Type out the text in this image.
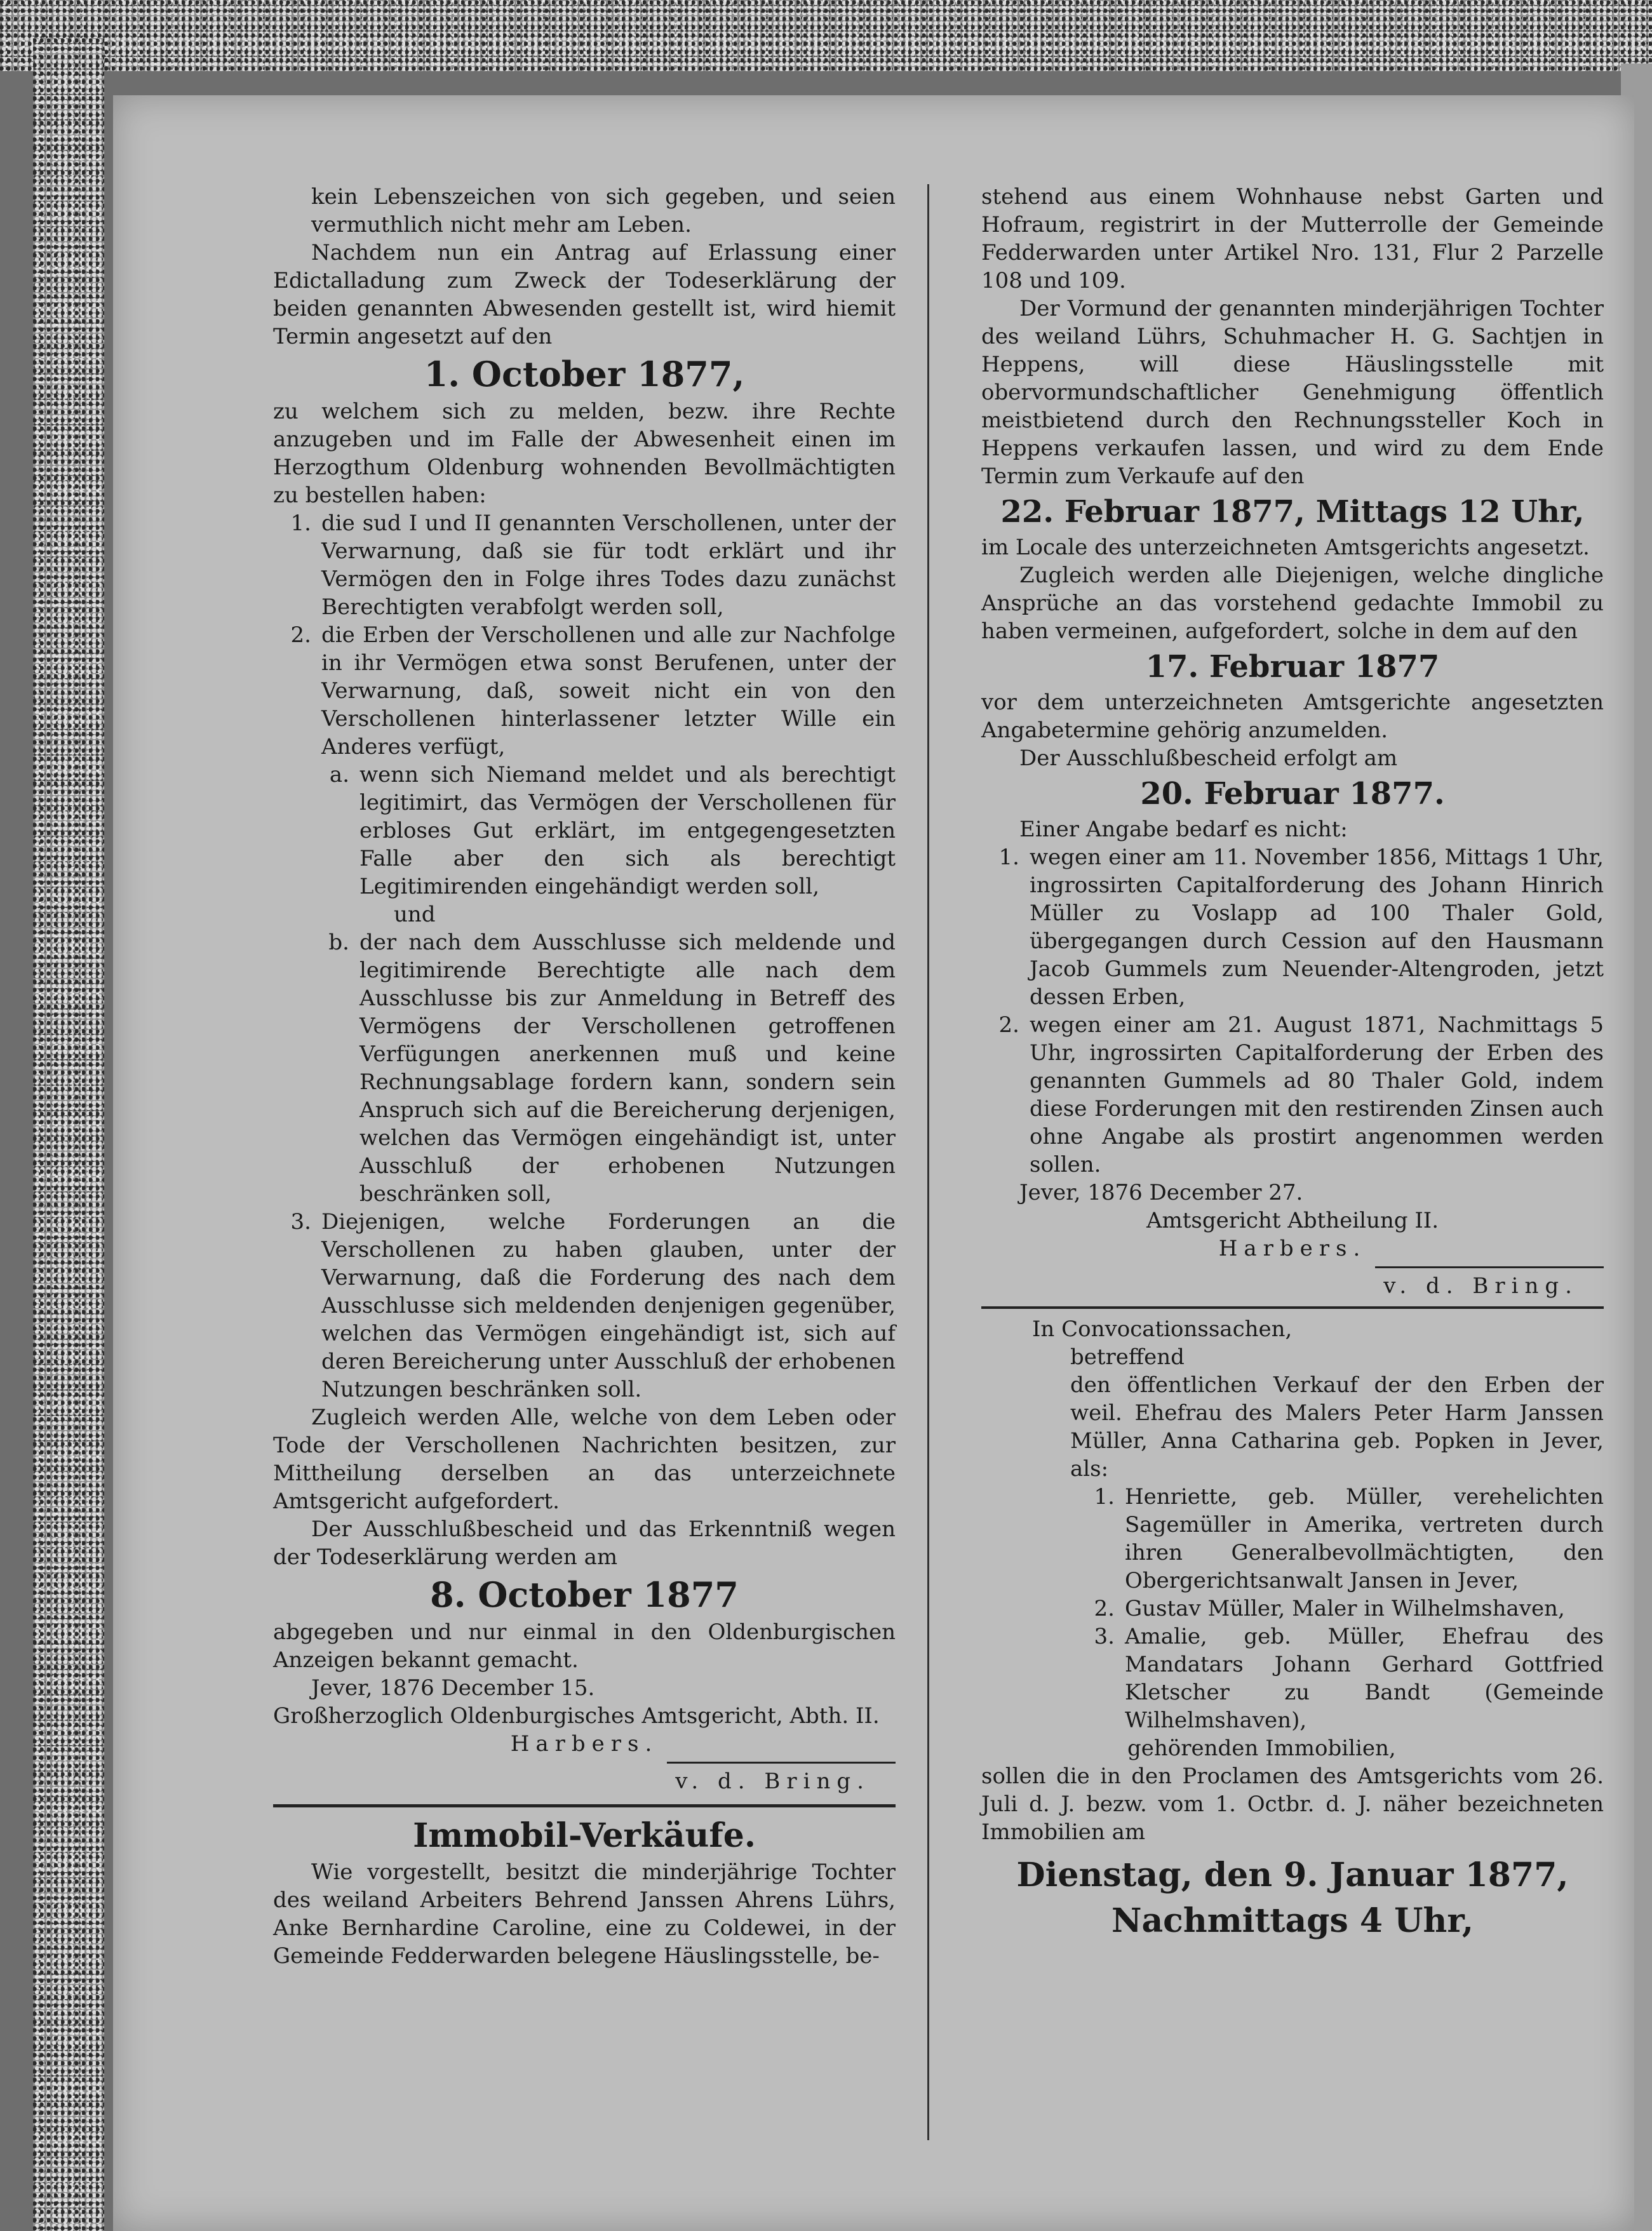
kein Lebenszeichen von sich gegeben, und seien vermuthlich nicht mehr am Leben.

Nachdem nun ein Antrag auf Erlassung einer Edictalladung zum Zweck der Todeserklärung der beiden genannten Abwesenden gestellt ist, wird hiemit Termin angesetzt auf den

1. October 1877,

zu welchem sich zu melden, bezw. ihre Rechte anzugeben und im Falle der Abwesenheit einen im Herzogthum Oldenburg wohnenden Bevollmächtigten zu bestellen haben:

1. die sud I und II genannten Verschollenen, unter der Verwarnung, daß sie für todt erklärt und ihr Vermögen den in Folge ihres Todes dazu zunächst Berechtigten verabfolgt werden soll,
2. die Erben der Verschollenen und alle zur Nachfolge in ihr Vermögen etwa sonst Berufenen, unter der Verwarnung, daß, soweit nicht ein von den Verschollenen hinterlassener letzter Wille ein Anderes verfügt,
a. wenn sich Niemand meldet und als berechtigt legitimirt, das Vermögen der Verschollenen für erbloses Gut erklärt, im entgegengesetzten Falle aber den sich als berechtigt Legitimirenden eingehändigt werden soll,

und

b. der nach dem Ausschlusse sich meldende und legitimirende Berechtigte alle nach dem Ausschlusse bis zur Anmeldung in Betreff des Vermögens der Verschollenen getroffenen Verfügungen anerkennen muß und keine Rechnungsablage fordern kann, sondern sein Anspruch sich auf die Bereicherung derjenigen, welchen das Vermögen eingehändigt ist, unter Ausschluß der erhobenen Nutzungen beschränken soll,
3. Diejenigen, welche Forderungen an die Verschollenen zu haben glauben, unter der Verwarnung, daß die Forderung des nach dem Ausschlusse sich meldenden denjenigen gegenüber, welchen das Vermögen eingehändigt ist, sich auf deren Bereicherung unter Ausschluß der erhobenen Nutzungen beschränken soll.

Zugleich werden Alle, welche von dem Leben oder Tode der Verschollenen Nachrichten besitzen, zur Mittheilung derselben an das unterzeichnete Amtsgericht aufgefordert.

Der Ausschlußbescheid und das Erkenntniß wegen der Todeserklärung werden am

8. October 1877

abgegeben und nur einmal in den Oldenburgischen Anzeigen bekannt gemacht.

Jever, 1876 December 15.

Großherzoglich Oldenburgisches Amtsgericht, Abth. II.

Harbers.

v. d. Bring.

Immobil-Verkäufe.

Wie vorgestellt, besitzt die minderjährige Tochter des weiland Arbeiters Behrend Janssen Ahrens Lührs, Anke Bernhardine Caroline, eine zu Coldewei, in der Gemeinde Fedderwarden belegene Häuslingsstelle, be-

stehend aus einem Wohnhause nebst Garten und Hofraum, registrirt in der Mutterrolle der Gemeinde Fedderwarden unter Artikel Nro. 131, Flur 2 Parzelle 108 und 109.

Der Vormund der genannten minderjährigen Tochter des weiland Lührs, Schuhmacher H. G. Sachtjen in Heppens, will diese Häuslingsstelle mit obervormundschaftlicher Genehmigung öffentlich meistbietend durch den Rechnungssteller Koch in Heppens verkaufen lassen, und wird zu dem Ende Termin zum Verkaufe auf den

22. Februar 1877, Mittags 12 Uhr,

im Locale des unterzeichneten Amtsgerichts angesetzt.

Zugleich werden alle Diejenigen, welche dingliche Ansprüche an das vorstehend gedachte Immobil zu haben vermeinen, aufgefordert, solche in dem auf den

17. Februar 1877

vor dem unterzeichneten Amtsgerichte angesetzten Angabetermine gehörig anzumelden.

Der Ausschlußbescheid erfolgt am

20. Februar 1877.

Einer Angabe bedarf es nicht:

1. wegen einer am 11. November 1856, Mittags 1 Uhr, ingrossirten Capitalforderung des Johann Hinrich Müller zu Voslapp ad 100 Thaler Gold, übergegangen durch Cession auf den Hausmann Jacob Gummels zum Neuender-Altengroden, jetzt dessen Erben,
2. wegen einer am 21. August 1871, Nachmittags 5 Uhr, ingrossirten Capitalforderung der Erben des genannten Gummels ad 80 Thaler Gold, indem diese Forderungen mit den restirenden Zinsen auch ohne Angabe als prostirt angenommen werden sollen.

Jever, 1876 December 27.

Amtsgericht Abtheilung II.

Harbers.

v. d. Bring.

In Convocationssachen,

betreffend

den öffentlichen Verkauf der den Erben der weil. Ehefrau des Malers Peter Harm Janssen Müller, Anna Catharina geb. Popken in Jever, als:

1. Henriette, geb. Müller, verehelichten Sagemüller in Amerika, vertreten durch ihren Generalbevollmächtigten, den Obergerichtsanwalt Jansen in Jever,
2. Gustav Müller, Maler in Wilhelmshaven,
3. Amalie, geb. Müller, Ehefrau des Mandatars Johann Gerhard Gottfried Kletscher zu Bandt (Gemeinde Wilhelmshaven),

gehörenden Immobilien,

sollen die in den Proclamen des Amtsgerichts vom 26. Juli d. J. bezw. vom 1. Octbr. d. J. näher bezeichneten Immobilien am

Dienstag, den 9. Januar 1877,

Nachmittags 4 Uhr,
